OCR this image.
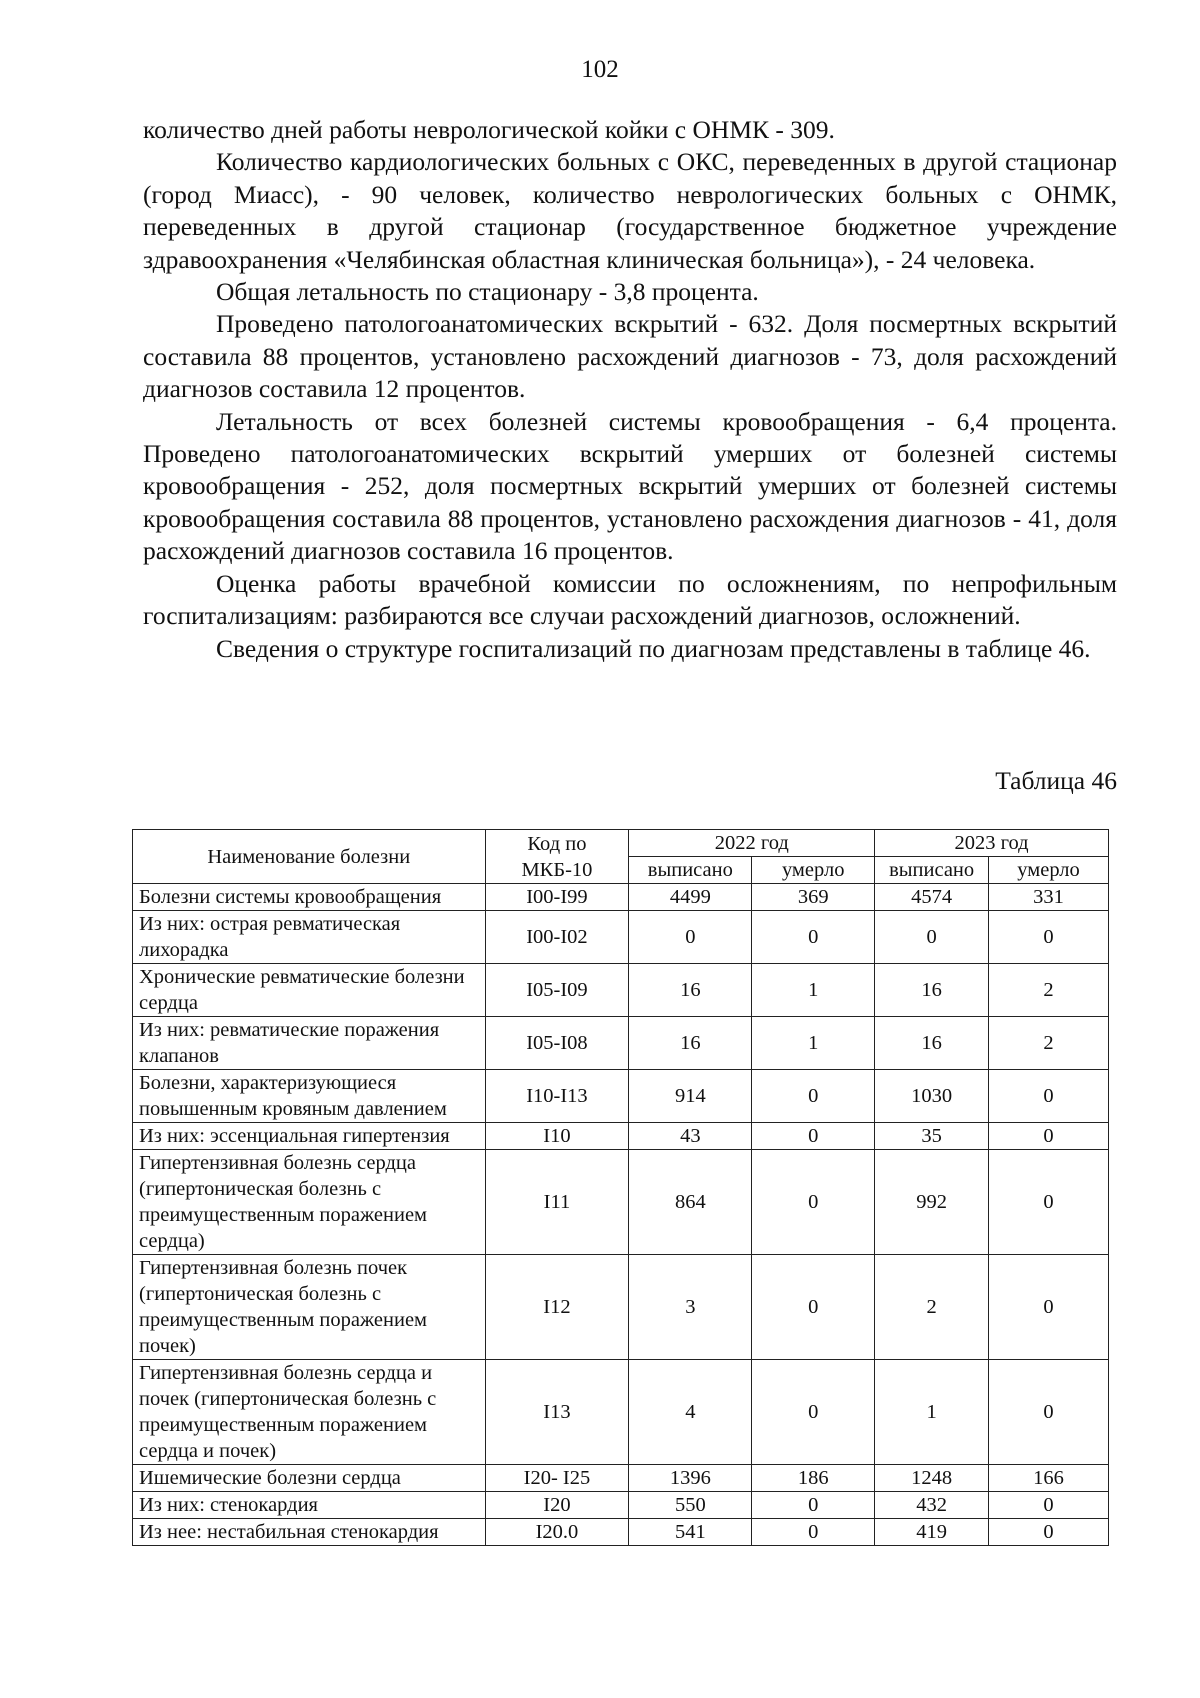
102

количество дней работы неврологической койки с ОНМК - 309.

Количество кардиологических больных с ОКС, переведенных в другой стационар (город Миасс), - 90 человек, количество неврологических больных с ОНМК, переведенных в другой стационар (государственное бюджетное учреждение здравоохранения «Челябинская областная клиническая больница»), - 24 человека.

Общая летальность по стационару - 3,8 процента.

Проведено патологоанатомических вскрытий - 632. Доля посмертных вскрытий составила 88 процентов, установлено расхождений диагнозов - 73, доля расхождений диагнозов составила 12 процентов.

Летальность от всех болезней системы кровообращения - 6,4 процента. Проведено патологоанатомических вскрытий умерших от болезней системы кровообращения - 252, доля посмертных вскрытий умерших от болезней системы кровообращения составила 88 процентов, установлено расхождения диагнозов - 41, доля расхождений диагнозов составила 16 процентов.

Оценка работы врачебной комиссии по осложнениям, по непрофильным госпитализациям: разбираются все случаи расхождений диагнозов, осложнений.

Сведения о структуре госпитализаций по диагнозам представлены в таблице 46.

Таблица 46
Наименование болезни	Код по МКБ-10	2022 год		2023 год	
		выписано	умерло	выписано	умерло
Болезни системы кровообращения	I00-I99	4499	369	4574	331
Из них: острая ревматическая лихорадка	I00-I02	0	0	0	0
Хронические ревматические болезни сердца	I05-I09	16	1	16	2
Из них: ревматические поражения клапанов	I05-I08	16	1	16	2
Болезни, характеризующиеся повышенным кровяным давлением	I10-I13	914	0	1030	0
Из них: эссенциальная гипертензия	I10	43	0	35	0
Гипертензивная болезнь сердца (гипертоническая болезнь с преимущественным поражением сердца)	I11	864	0	992	0
Гипертензивная болезнь почек (гипертоническая болезнь с преимущественным поражением почек)	I12	3	0	2	0
Гипертензивная болезнь сердца и почек (гипертоническая болезнь с преимущественным поражением сердца и почек)	I13	4	0	1	0
Ишемические болезни сердца	I20- I25	1396	186	1248	166
Из них: стенокардия	I20	550	0	432	0
Из нее: нестабильная стенокардия	I20.0	541	0	419	0
